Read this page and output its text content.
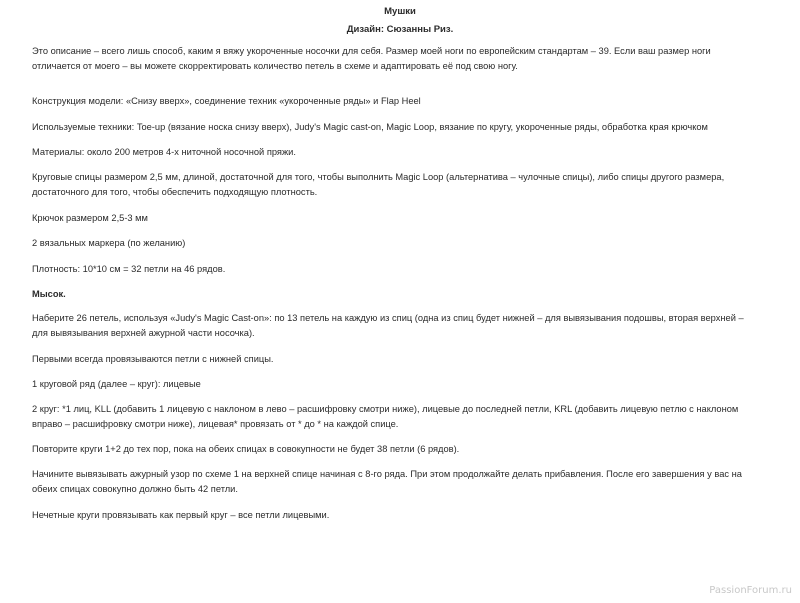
Мушки
Дизайн: Сюзанны Риз.
Это описание – всего лишь способ, каким я вяжу укороченные носочки для себя. Размер моей ноги по европейским стандартам – 39. Если ваш размер ноги
отличается от моего – вы можете скорректировать количество петель в схеме и адаптировать её под свою ногу.
Конструкция модели: «Снизу вверх», соединение техник «укороченные ряды» и Flap Heel
Используемые техники: Toe-up (вязание носка снизу вверх), Judy's Magic cast-on, Magic Loop, вязание по кругу, укороченные ряды, обработка края крючком
Материалы: около 200 метров 4-х ниточной носочной пряжи.
Круговые спицы размером 2,5 мм, длиной, достаточной для того, чтобы выполнить Magic Loop (альтернатива – чулочные спицы), либо спицы другого размера,
достаточного для того, чтобы обеспечить подходящую плотность.
Крючок размером 2,5-3 мм
2 вязальных маркера (по желанию)
Плотность: 10*10 см = 32 петли на 46 рядов.
Мысок.
Наберите 26 петель, используя «Judy's Magic Cast-on»: по 13 петель на каждую из спиц (одна из спиц будет нижней – для вывязывания подошвы, вторая верхней –
для вывязывания верхней ажурной части носочка).
Первыми всегда провязываются петли с нижней спицы.
1 круговой ряд (далее – круг): лицевые
2 круг: *1 лиц, KLL (добавить 1 лицевую с наклоном в лево – расшифровку смотри ниже), лицевые до последней петли, KRL (добавить лицевую петлю с наклоном
вправо – расшифровку смотри ниже), лицевая* провязать от * до * на каждой спице.
Повторите круги 1+2 до тех пор, пока на обеих спицах в совокупности не будет 38 петли (6 рядов).
Начините вывязывать ажурный узор по схеме 1 на верхней спице начиная с 8-го ряда. При этом продолжайте делать прибавления. После его завершения у вас на
обеих спицах совокупно должно быть 42 петли.
Нечетные круги провязывать как первый круг – все петли лицевыми.
PassionForum.ru
